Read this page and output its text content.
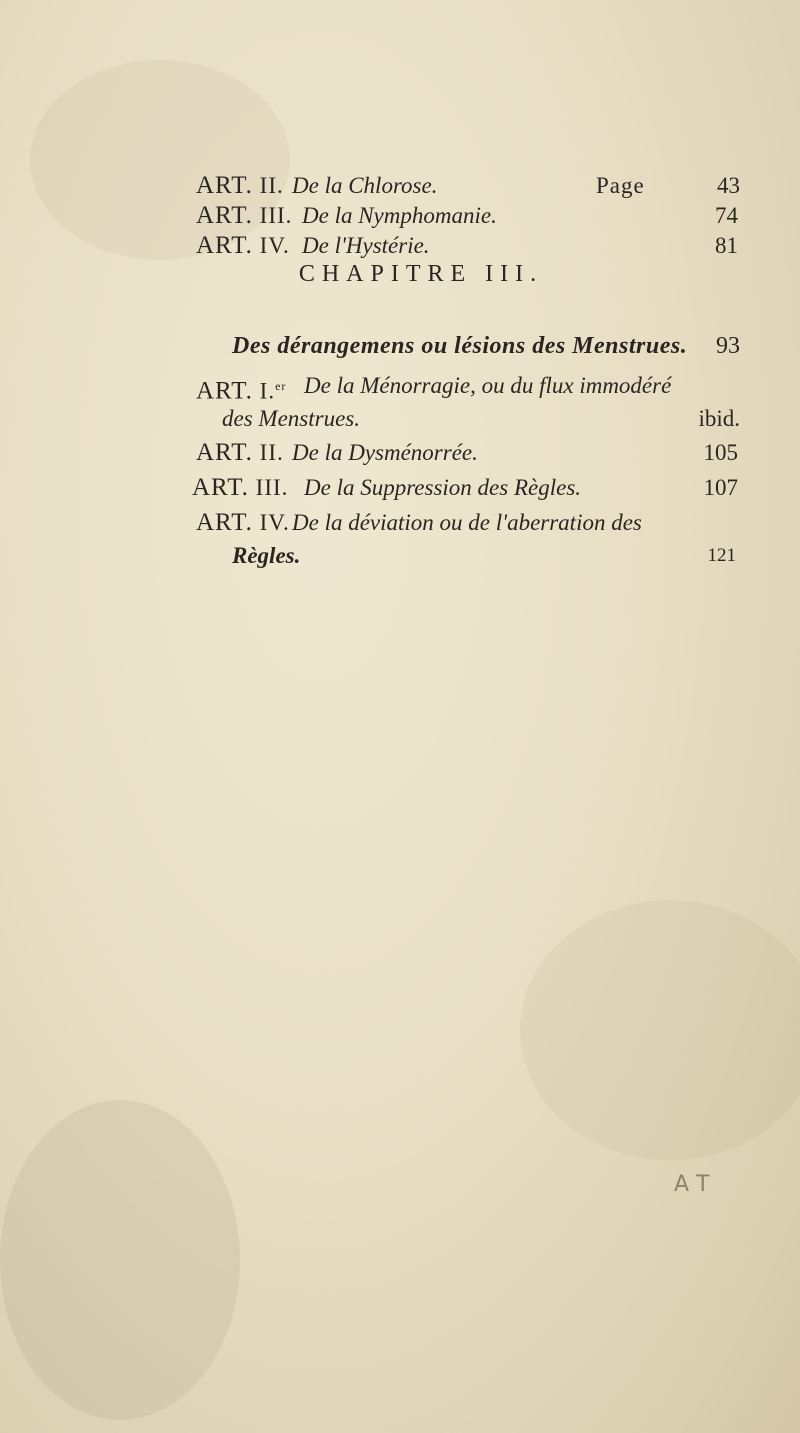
ART. II. De la Chlorose.	Page	43
ART. III. De la Nymphomanie.	74
ART. IV. De l'Hystérie.	81
CHAPITRE III.
Des dérangemens ou lésions des Menstrues.	93
ART. I.$^{er}$ De la Ménorragie, ou du flux immodéré
des Menstrues.	ibid.
ART. II. De la Dysménorrée.	105
ART. III. De la Suppression des Règles.	107
ART. IV. De la déviation ou de l'aberration des
Règles.	121
A T
